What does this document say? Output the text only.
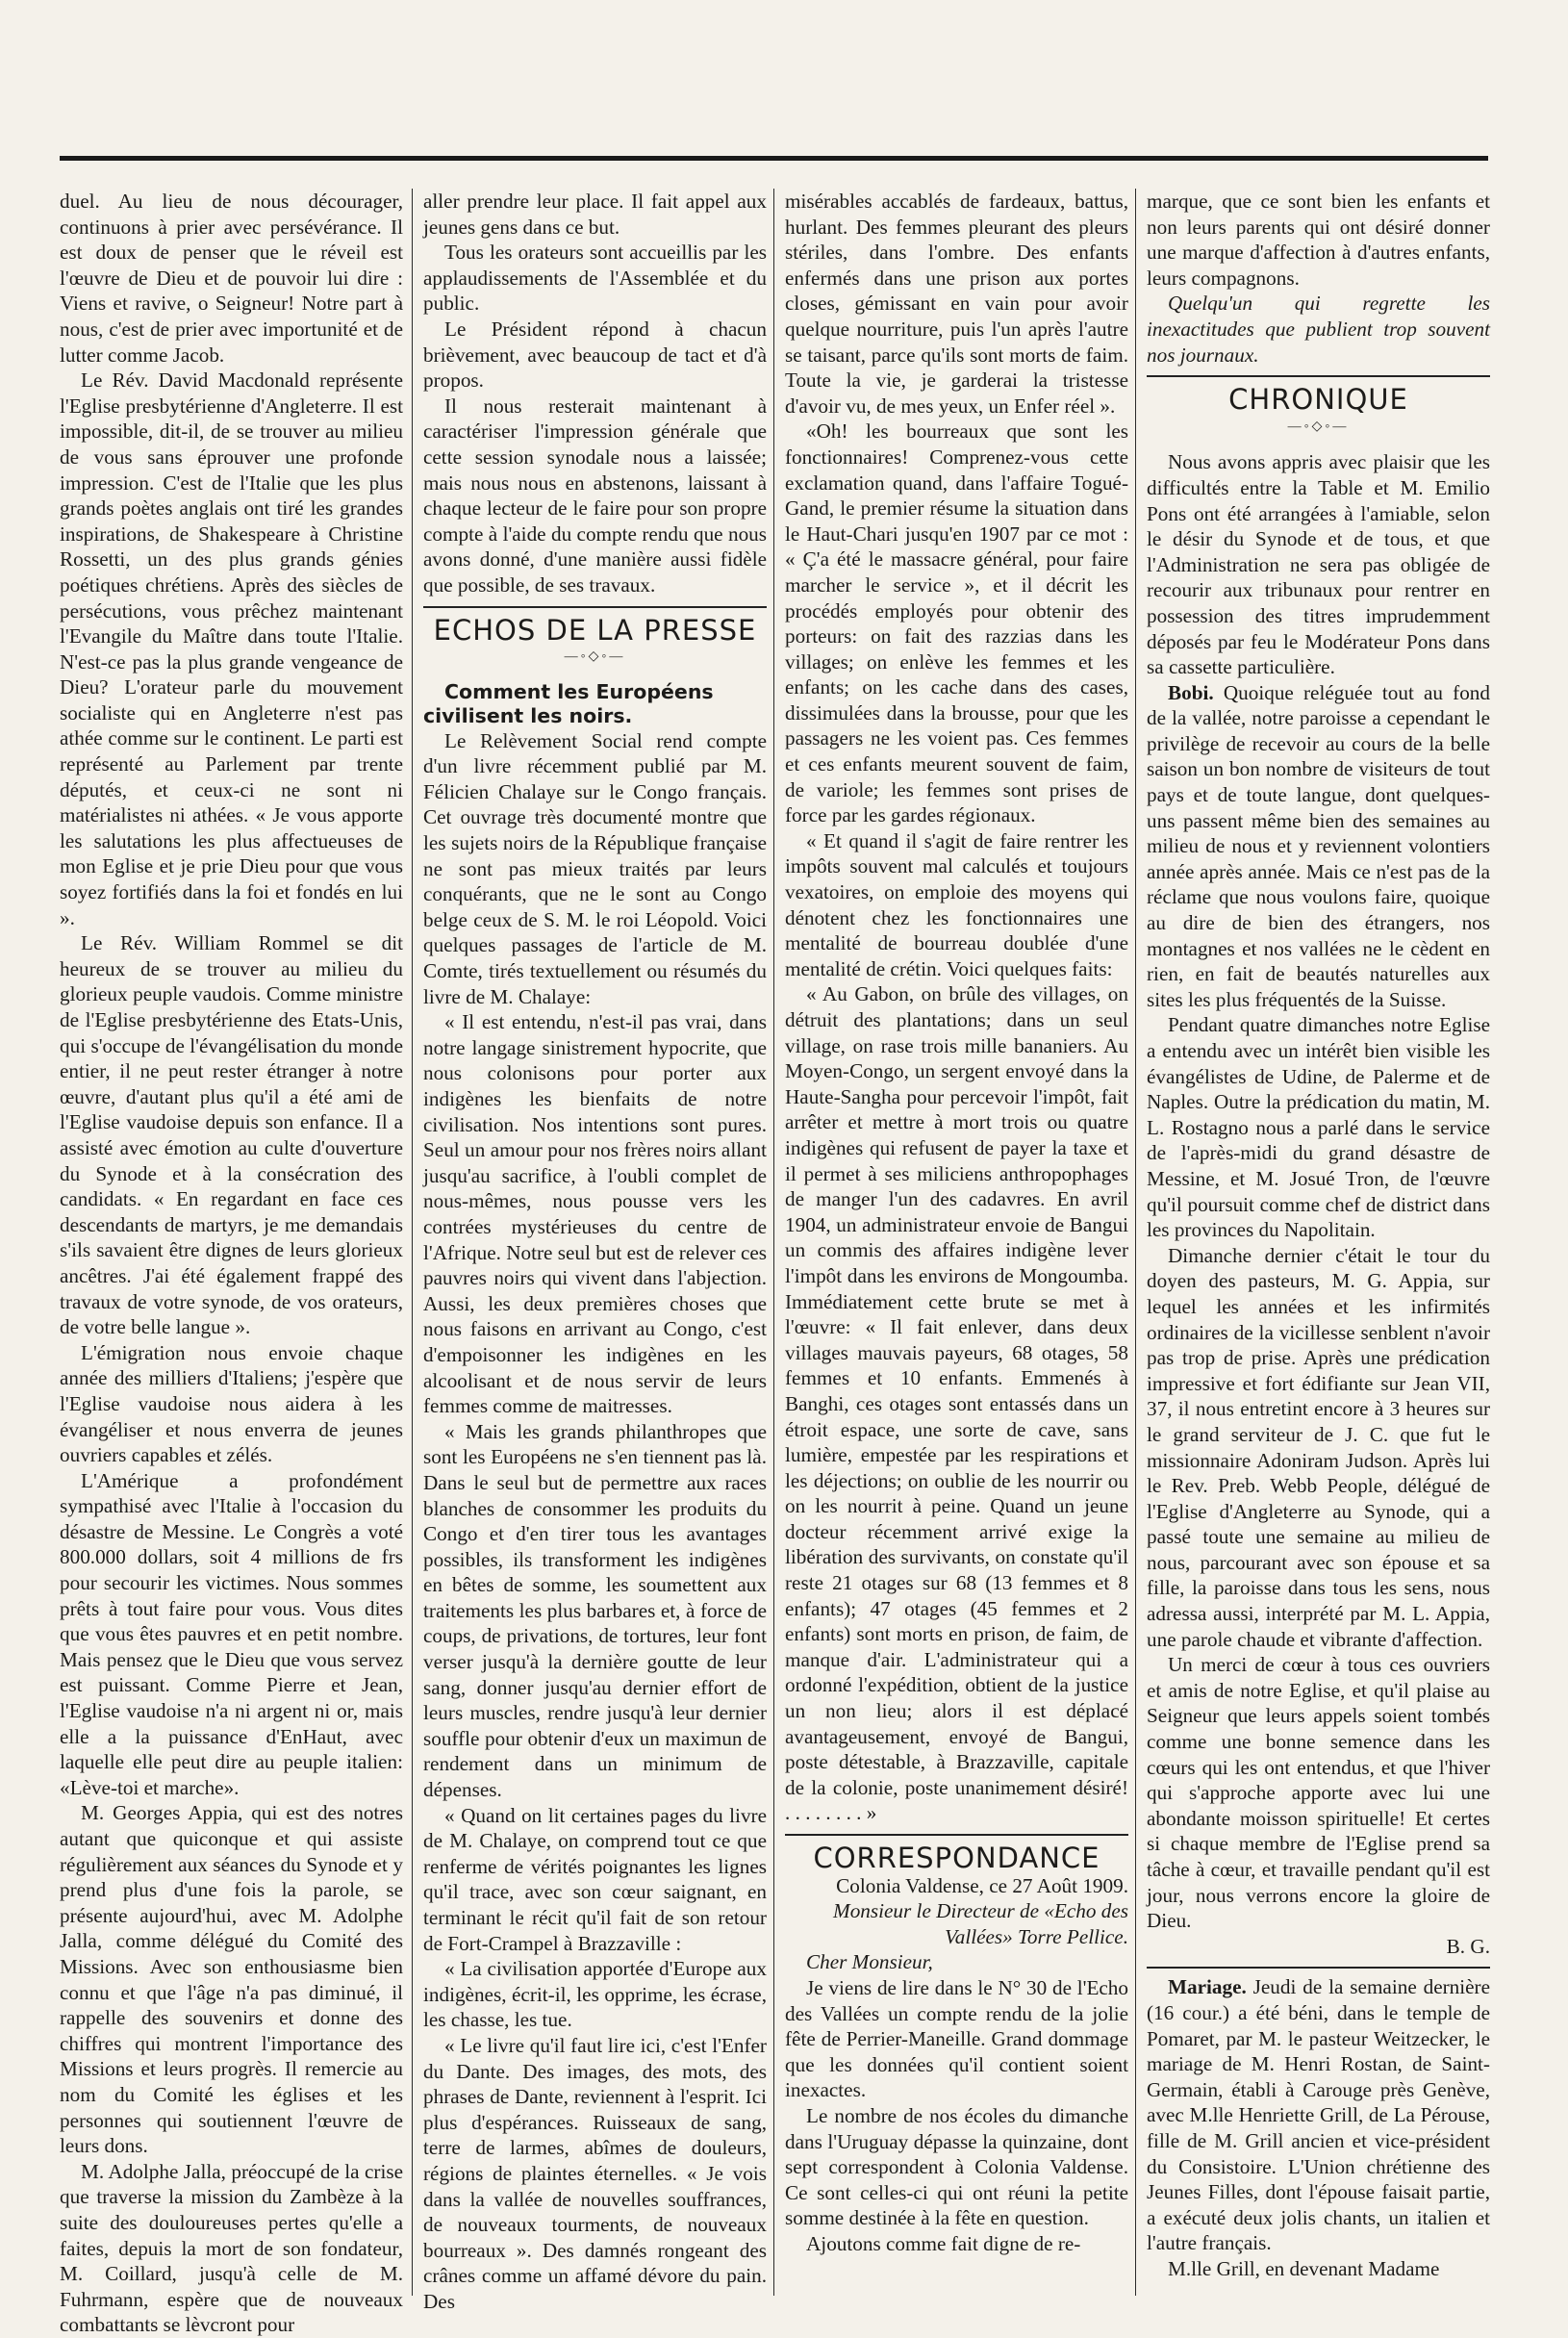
duel. Au lieu de nous décourager, continuons à prier avec persévérance. Il est doux de penser que le réveil est l'œuvre de Dieu et de pouvoir lui dire : Viens et ravive, o Seigneur! Notre part à nous, c'est de prier avec importunité et de lutter comme Jacob.

Le Rév. David Macdonald représente l'Eglise presbytérienne d'Angleterre. Il est impossible, dit-il, de se trouver au milieu de vous sans éprouver une profonde impression. C'est de l'Italie que les plus grands poètes anglais ont tiré les grandes inspirations, de Shakespeare à Christine Rossetti, un des plus grands génies poétiques chrétiens. Après des siècles de persécutions, vous prêchez maintenant l'Evangile du Maître dans toute l'Italie. N'est-ce pas la plus grande vengeance de Dieu? L'orateur parle du mouvement socialiste qui en Angleterre n'est pas athée comme sur le continent. Le parti est représenté au Parlement par trente députés, et ceux-ci ne sont ni matérialistes ni athées. « Je vous apporte les salutations les plus affectueuses de mon Eglise et je prie Dieu pour que vous soyez fortifiés dans la foi et fondés en lui ».

Le Rév. William Rommel se dit heureux de se trouver au milieu du glorieux peuple vaudois. Comme ministre de l'Eglise presbytérienne des Etats-Unis, qui s'occupe de l'évangélisation du monde entier, il ne peut rester étranger à notre œuvre, d'autant plus qu'il a été ami de l'Eglise vaudoise depuis son enfance. Il a assisté avec émotion au culte d'ouverture du Synode et à la consécration des candidats. « En regardant en face ces descendants de martyrs, je me demandais s'ils savaient être dignes de leurs glorieux ancêtres. J'ai été également frappé des travaux de votre synode, de vos orateurs, de votre belle langue ».

L'émigration nous envoie chaque année des milliers d'Italiens; j'espère que l'Eglise vaudoise nous aidera à les évangéliser et nous enverra de jeunes ouvriers capables et zélés.

L'Amérique a profondément sympathisé avec l'Italie à l'occasion du désastre de Messine. Le Congrès a voté 800.000 dollars, soit 4 millions de frs pour secourir les victimes. Nous sommes prêts à tout faire pour vous. Vous dites que vous êtes pauvres et en petit nombre. Mais pensez que le Dieu que vous servez est puissant. Comme Pierre et Jean, l'Eglise vaudoise n'a ni argent ni or, mais elle a la puissance d'EnHaut, avec laquelle elle peut dire au peuple italien: «Lève-toi et marche».

M. Georges Appia, qui est des notres autant que quiconque et qui assiste régulièrement aux séances du Synode et y prend plus d'une fois la parole, se présente aujourd'hui, avec M. Adolphe Jalla, comme délégué du Comité des Missions. Avec son enthousiasme bien connu et que l'âge n'a pas diminué, il rappelle des souvenirs et donne des chiffres qui montrent l'importance des Missions et leurs progrès. Il remercie au nom du Comité les églises et les personnes qui soutiennent l'œuvre de leurs dons.

M. Adolphe Jalla, préoccupé de la crise que traverse la mission du Zambèze à la suite des douloureuses pertes qu'elle a faites, depuis la mort de son fondateur, M. Coillard, jusqu'à celle de M. Fuhrmann, espère que de nouveaux combattants se lèvcront pour

aller prendre leur place. Il fait appel aux jeunes gens dans ce but.

Tous les orateurs sont accueillis par les applaudissements de l'Assemblée et du public.

Le Président répond à chacun brièvement, avec beaucoup de tact et d'à propos.

Il nous resterait maintenant à caractériser l'impression générale que cette session synodale nous a laissée; mais nous nous en abstenons, laissant à chaque lecteur de le faire pour son propre compte à l'aide du compte rendu que nous avons donné, d'une manière aussi fidèle que possible, de ses travaux.

ECHOS DE LA PRESSE
—◦◇◦—

Comment les Européens civilisent les noirs.

Le Relèvement Social rend compte d'un livre récemment publié par M. Félicien Chalaye sur le Congo français. Cet ouvrage très documenté montre que les sujets noirs de la République française ne sont pas mieux traités par leurs conquérants, que ne le sont au Congo belge ceux de S. M. le roi Léopold. Voici quelques passages de l'article de M. Comte, tirés textuellement ou résumés du livre de M. Chalaye:

« Il est entendu, n'est-il pas vrai, dans notre langage sinistrement hypocrite, que nous colonisons pour porter aux indigènes les bienfaits de notre civilisation. Nos intentions sont pures. Seul un amour pour nos frères noirs allant jusqu'au sacrifice, à l'oubli complet de nous-mêmes, nous pousse vers les contrées mystérieuses du centre de l'Afrique. Notre seul but est de relever ces pauvres noirs qui vivent dans l'abjection. Aussi, les deux premières choses que nous faisons en arrivant au Congo, c'est d'empoisonner les indigènes en les alcoolisant et de nous servir de leurs femmes comme de maitresses.

« Mais les grands philanthropes que sont les Européens ne s'en tiennent pas là. Dans le seul but de permettre aux races blanches de consommer les produits du Congo et d'en tirer tous les avantages possibles, ils transforment les indigènes en bêtes de somme, les soumettent aux traitements les plus barbares et, à force de coups, de privations, de tortures, leur font verser jusqu'à la dernière goutte de leur sang, donner jusqu'au dernier effort de leurs muscles, rendre jusqu'à leur dernier souffle pour obtenir d'eux un maximun de rendement dans un minimum de dépenses.

« Quand on lit certaines pages du livre de M. Chalaye, on comprend tout ce que renferme de vérités poignantes les lignes qu'il trace, avec son cœur saignant, en terminant le récit qu'il fait de son retour de Fort-Crampel à Brazzaville :

« La civilisation apportée d'Europe aux indigènes, écrit-il, les opprime, les écrase, les chasse, les tue.

« Le livre qu'il faut lire ici, c'est l'Enfer du Dante. Des images, des mots, des phrases de Dante, reviennent à l'esprit. Ici plus d'espérances. Ruisseaux de sang, terre de larmes, abîmes de douleurs, régions de plaintes éternelles. « Je vois dans la vallée de nouvelles souffrances, de nouveaux tourments, de nouveaux bourreaux ». Des damnés rongeant des crânes comme un affamé dévore du pain. Des

misérables accablés de fardeaux, battus, hurlant. Des femmes pleurant des pleurs stériles, dans l'ombre. Des enfants enfermés dans une prison aux portes closes, gémissant en vain pour avoir quelque nourriture, puis l'un après l'autre se taisant, parce qu'ils sont morts de faim. Toute la vie, je garderai la tristesse d'avoir vu, de mes yeux, un Enfer réel ».

«Oh! les bourreaux que sont les fonctionnaires! Comprenez-vous cette exclamation quand, dans l'affaire Togué-Gand, le premier résume la situation dans le Haut-Chari jusqu'en 1907 par ce mot : « Ç'a été le massacre général, pour faire marcher le service », et il décrit les procédés employés pour obtenir des porteurs: on fait des razzias dans les villages; on enlève les femmes et les enfants; on les cache dans des cases, dissimulées dans la brousse, pour que les passagers ne les voient pas. Ces femmes et ces enfants meurent souvent de faim, de variole; les femmes sont prises de force par les gardes régionaux.

« Et quand il s'agit de faire rentrer les impôts souvent mal calculés et toujours vexatoires, on emploie des moyens qui dénotent chez les fonctionnaires une mentalité de bourreau doublée d'une mentalité de crétin. Voici quelques faits:

« Au Gabon, on brûle des villages, on détruit des plantations; dans un seul village, on rase trois mille bananiers. Au Moyen-Congo, un sergent envoyé dans la Haute-Sangha pour percevoir l'impôt, fait arrêter et mettre à mort trois ou quatre indigènes qui refusent de payer la taxe et il permet à ses miliciens anthropophages de manger l'un des cadavres. En avril 1904, un administrateur envoie de Bangui un commis des affaires indigène lever l'impôt dans les environs de Mongoumba. Immédiatement cette brute se met à l'œuvre: « Il fait enlever, dans deux villages mauvais payeurs, 68 otages, 58 femmes et 10 enfants. Emmenés à Banghi, ces otages sont entassés dans un étroit espace, une sorte de cave, sans lumière, empestée par les respirations et les déjections; on oublie de les nourrir ou on les nourrit à peine. Quand un jeune docteur récemment arrivé exige la libération des survivants, on constate qu'il reste 21 otages sur 68 (13 femmes et 8 enfants); 47 otages (45 femmes et 2 enfants) sont morts en prison, de faim, de manque d'air. L'administrateur qui a ordonné l'expédition, obtient de la justice un non lieu; alors il est déplacé avantageusement, envoyé de Bangui, poste détestable, à Brazzaville, capitale de la colonie, poste unanimement désiré! . . . . . . . . »

CORRESPONDANCE

Colonia Valdense, ce 27 Août 1909.

Monsieur le Directeur de «Echo des Vallées» Torre Pellice.

Cher Monsieur,

Je viens de lire dans le N° 30 de l'Echo des Vallées un compte rendu de la jolie fête de Perrier-Maneille. Grand dommage que les données qu'il contient soient inexactes.

Le nombre de nos écoles du dimanche dans l'Uruguay dépasse la quinzaine, dont sept correspondent à Colonia Valdense. Ce sont celles-ci qui ont réuni la petite somme destinée à la fête en question.

Ajoutons comme fait digne de re-

marque, que ce sont bien les enfants et non leurs parents qui ont désiré donner une marque d'affection à d'autres enfants, leurs compagnons.

Quelqu'un qui regrette les inexactitudes que publient trop souvent nos journaux.

CHRONIQUE
—◦◇◦—

Nous avons appris avec plaisir que les difficultés entre la Table et M. Emilio Pons ont été arrangées à l'amiable, selon le désir du Synode et de tous, et que l'Administration ne sera pas obligée de recourir aux tribunaux pour rentrer en possession des titres imprudemment déposés par feu le Modérateur Pons dans sa cassette particulière.

Bobi. Quoique reléguée tout au fond de la vallée, notre paroisse a cependant le privilège de recevoir au cours de la belle saison un bon nombre de visiteurs de tout pays et de toute langue, dont quelques-uns passent même bien des semaines au milieu de nous et y reviennent volontiers année après année. Mais ce n'est pas de la réclame que nous voulons faire, quoique au dire de bien des étrangers, nos montagnes et nos vallées ne le cèdent en rien, en fait de beautés naturelles aux sites les plus fréquentés de la Suisse.

Pendant quatre dimanches notre Eglise a entendu avec un intérêt bien visible les évangélistes de Udine, de Palerme et de Naples. Outre la prédication du matin, M. L. Rostagno nous a parlé dans le service de l'après-midi du grand désastre de Messine, et M. Josué Tron, de l'œuvre qu'il poursuit comme chef de district dans les provinces du Napolitain.

Dimanche dernier c'était le tour du doyen des pasteurs, M. G. Appia, sur lequel les années et les infirmités ordinaires de la vicillesse senblent n'avoir pas trop de prise. Après une prédication impressive et fort édifiante sur Jean VII, 37, il nous entretint encore à 3 heures sur le grand serviteur de J. C. que fut le missionnaire Adoniram Judson. Après lui le Rev. Preb. Webb People, délégué de l'Eglise d'Angleterre au Synode, qui a passé toute une semaine au milieu de nous, parcourant avec son épouse et sa fille, la paroisse dans tous les sens, nous adressa aussi, interprété par M. L. Appia, une parole chaude et vibrante d'affection.

Un merci de cœur à tous ces ouvriers et amis de notre Eglise, et qu'il plaise au Seigneur que leurs appels soient tombés comme une bonne semence dans les cœurs qui les ont entendus, et que l'hiver qui s'approche apporte avec lui une abondante moisson spirituelle! Et certes si chaque membre de l'Eglise prend sa tâche à cœur, et travaille pendant qu'il est jour, nous verrons encore la gloire de Dieu.

B. G.

Mariage. Jeudi de la semaine dernière (16 cour.) a été béni, dans le temple de Pomaret, par M. le pasteur Weitzecker, le mariage de M. Henri Rostan, de Saint-Germain, établi à Carouge près Genève, avec M.lle Henriette Grill, de La Pérouse, fille de M. Grill ancien et vice-président du Consistoire. L'Union chrétienne des Jeunes Filles, dont l'épouse faisait partie, a exécuté deux jolis chants, un italien et l'autre français.

M.lle Grill, en devenant Madame
